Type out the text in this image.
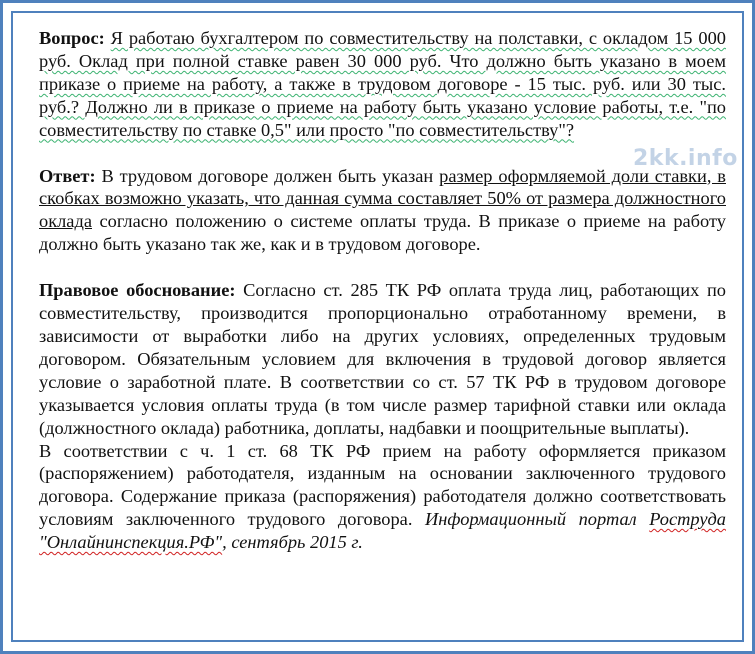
Вопрос: Я работаю бухгалтером по совместительству на полставки, с окладом 15 000 руб. Оклад при полной ставке равен 30 000 руб. Что должно быть указано в моем приказе о приеме на работу, а также в трудовом договоре - 15 тыс. руб. или 30 тыс. руб.? Должно ли в приказе о приеме на работу быть указано условие работы, т.е. "по совместительству по ставке 0,5" или просто "по совместительству"?

Ответ: В трудовом договоре должен быть указан размер оформляемой доли ставки, в скобках возможно указать, что данная сумма составляет 50% от размера должностного оклада согласно положению о системе оплаты труда. В приказе о приеме на работу должно быть указано так же, как и в трудовом договоре.

Правовое обоснование: Согласно ст. 285 ТК РФ оплата труда лиц, работающих по совместительству, производится пропорционально отработанному времени, в зависимости от выработки либо на других условиях, определенных трудовым договором. Обязательным условием для включения в трудовой договор является условие о заработной плате. В соответствии со ст. 57 ТК РФ в трудовом договоре указывается условия оплаты труда (в том числе размер тарифной ставки или оклада (должностного оклада) работника, доплаты, надбавки и поощрительные выплаты).

В соответствии с ч. 1 ст. 68 ТК РФ прием на работу оформляется приказом (распоряжением) работодателя, изданным на основании заключенного трудового договора. Содержание приказа (распоряжения) работодателя должно соответствовать условиям заключенного трудового договора. Информационный портал Роструда "Онлайнинспекция.РФ", сентябрь 2015 г.

2kk.info
